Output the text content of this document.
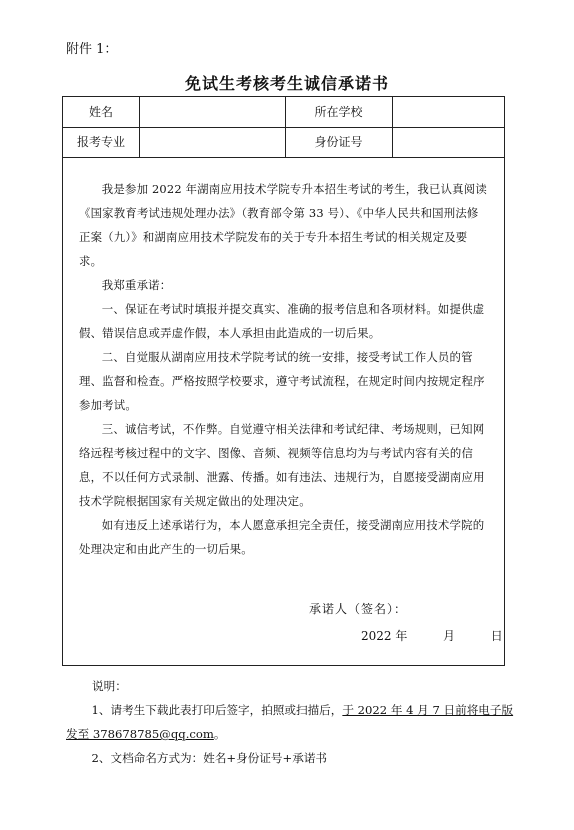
附件 1：
免试生考核考生诚信承诺书
姓名	所在学校
报考专业	身份证号

我是参加 2022 年湖南应用技术学院专升本招生考试的考生，我已认真阅读《国家教育考试违规处理办法》（教育部令第 33 号）、《中华人民共和国刑法修正案（九）》和湖南应用技术学院发布的关于专升本招生考试的相关规定及要求。

我郑重承诺：

一、保证在考试时填报并提交真实、准确的报考信息和各项材料。如提供虚假、错误信息或弄虚作假，本人承担由此造成的一切后果。

二、自觉服从湖南应用技术学院考试的统一安排，接受考试工作人员的管理、监督和检查。严格按照学校要求，遵守考试流程，在规定时间内按规定程序参加考试。

三、诚信考试，不作弊。自觉遵守相关法律和考试纪律、考场规则，已知网络远程考核过程中的文字、图像、音频、视频等信息均为与考试内容有关的信息，不以任何方式录制、泄露、传播。如有违法、违规行为，自愿接受湖南应用技术学院根据国家有关规定做出的处理决定。

如有违反上述承诺行为，本人愿意承担完全责任，接受湖南应用技术学院的处理决定和由此产生的一切后果。

承诺人（签名）：
2022 年	月	日
说明：
1、请考生下载此表打印后签字，拍照或扫描后，于 2022 年 4 月 7 日前将电子版发至 378678785@qq.com。
2、文档命名方式为：姓名+身份证号+承诺书
